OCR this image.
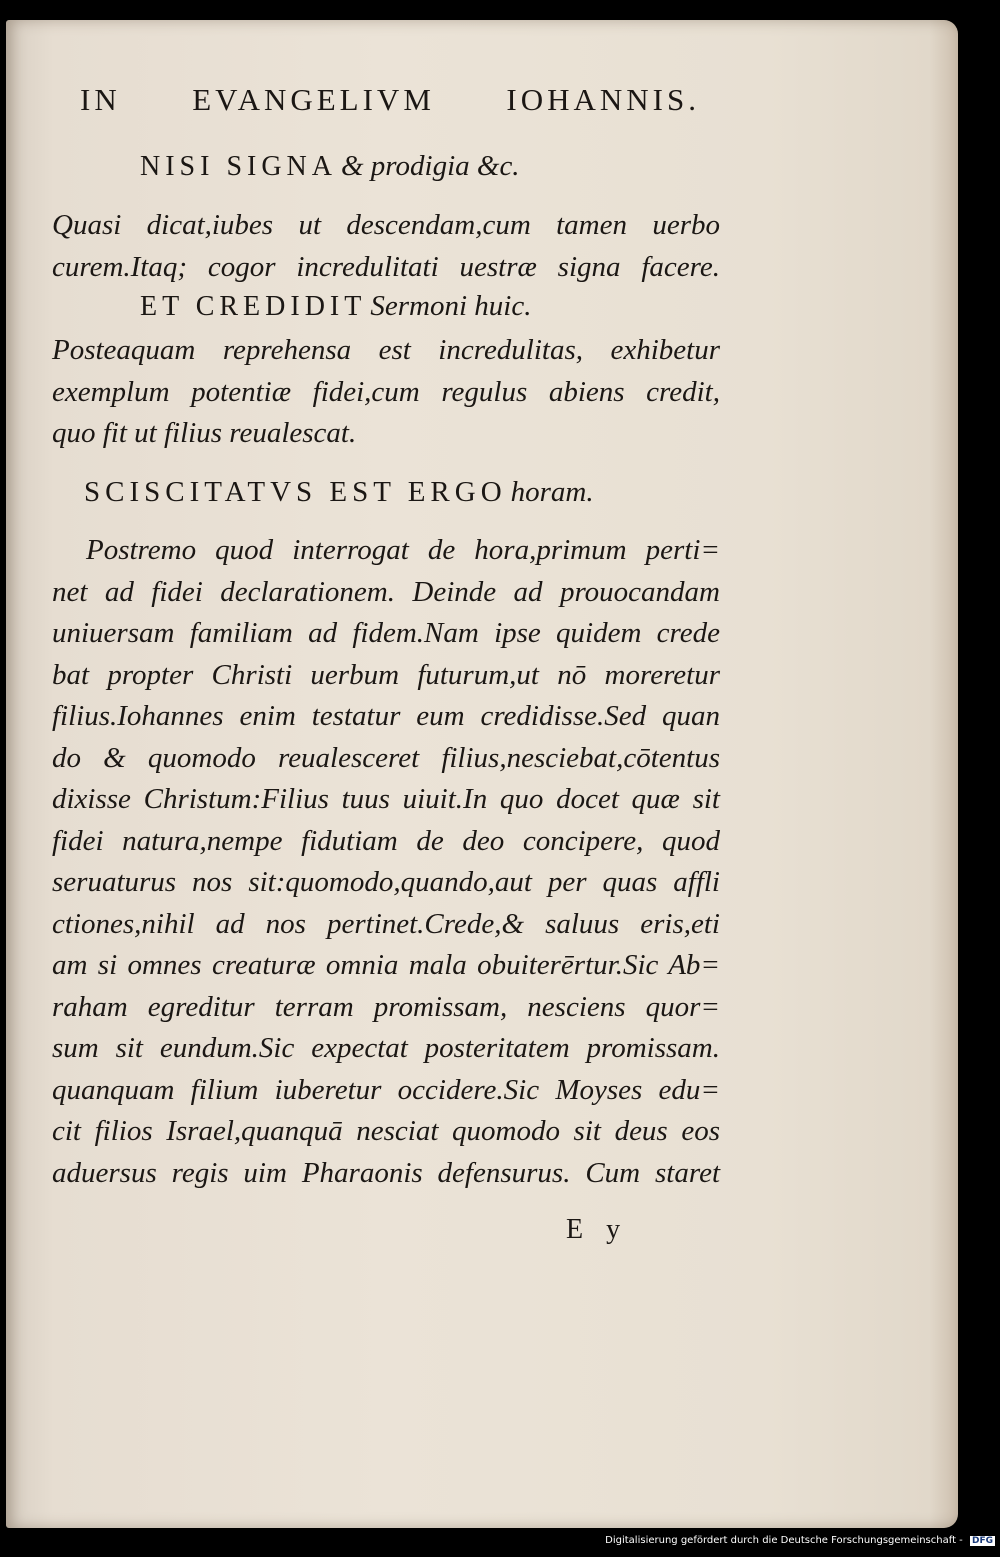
IN EVANGELIVM IOHANNIS.
NISI SIGNA & prodigia &c.
Quasi dicat,iubes ut descendam,cum tamen uerbo
curem.Itaq; cogor incredulitati uestræ signa facere.
ET CREDIDIT Sermoni huic.
Posteaquam reprehensa est incredulitas, exhibetur
exemplum potentiæ fidei,cum regulus abiens credit,
quo fit ut filius reualescat.
SCISCITATVS EST ERGO horam.
Postremo quod interrogat de hora,primum perti=
net ad fidei declarationem. Deinde ad prouocandam
uniuersam familiam ad fidem.Nam ipse quidem crede
bat propter Christi uerbum futurum,ut nō moreretur
filius.Iohannes enim testatur eum credidisse.Sed quan
do & quomodo reualesceret filius,nesciebat,cōtentus
dixisse Christum:Filius tuus uiuit.In quo docet quæ sit
fidei natura,nempe fidutiam de deo concipere, quod
seruaturus nos sit:quomodo,quando,aut per quas affli
ctiones,nihil ad nos pertinet.Crede,& saluus eris,eti
am si omnes creaturæ omnia mala obuiterērtur.Sic Ab=
raham egreditur terram promissam, nesciens quor=
sum sit eundum.Sic expectat posteritatem promissam.
quanquam filium iuberetur occidere.Sic Moyses edu=
cit filios Israel,quanquā nesciat quomodo sit deus eos
aduersus regis uim Pharaonis defensurus. Cum staret
E y
Digitalisierung gefördert durch die Deutsche Forschungsgemeinschaft - DFG
